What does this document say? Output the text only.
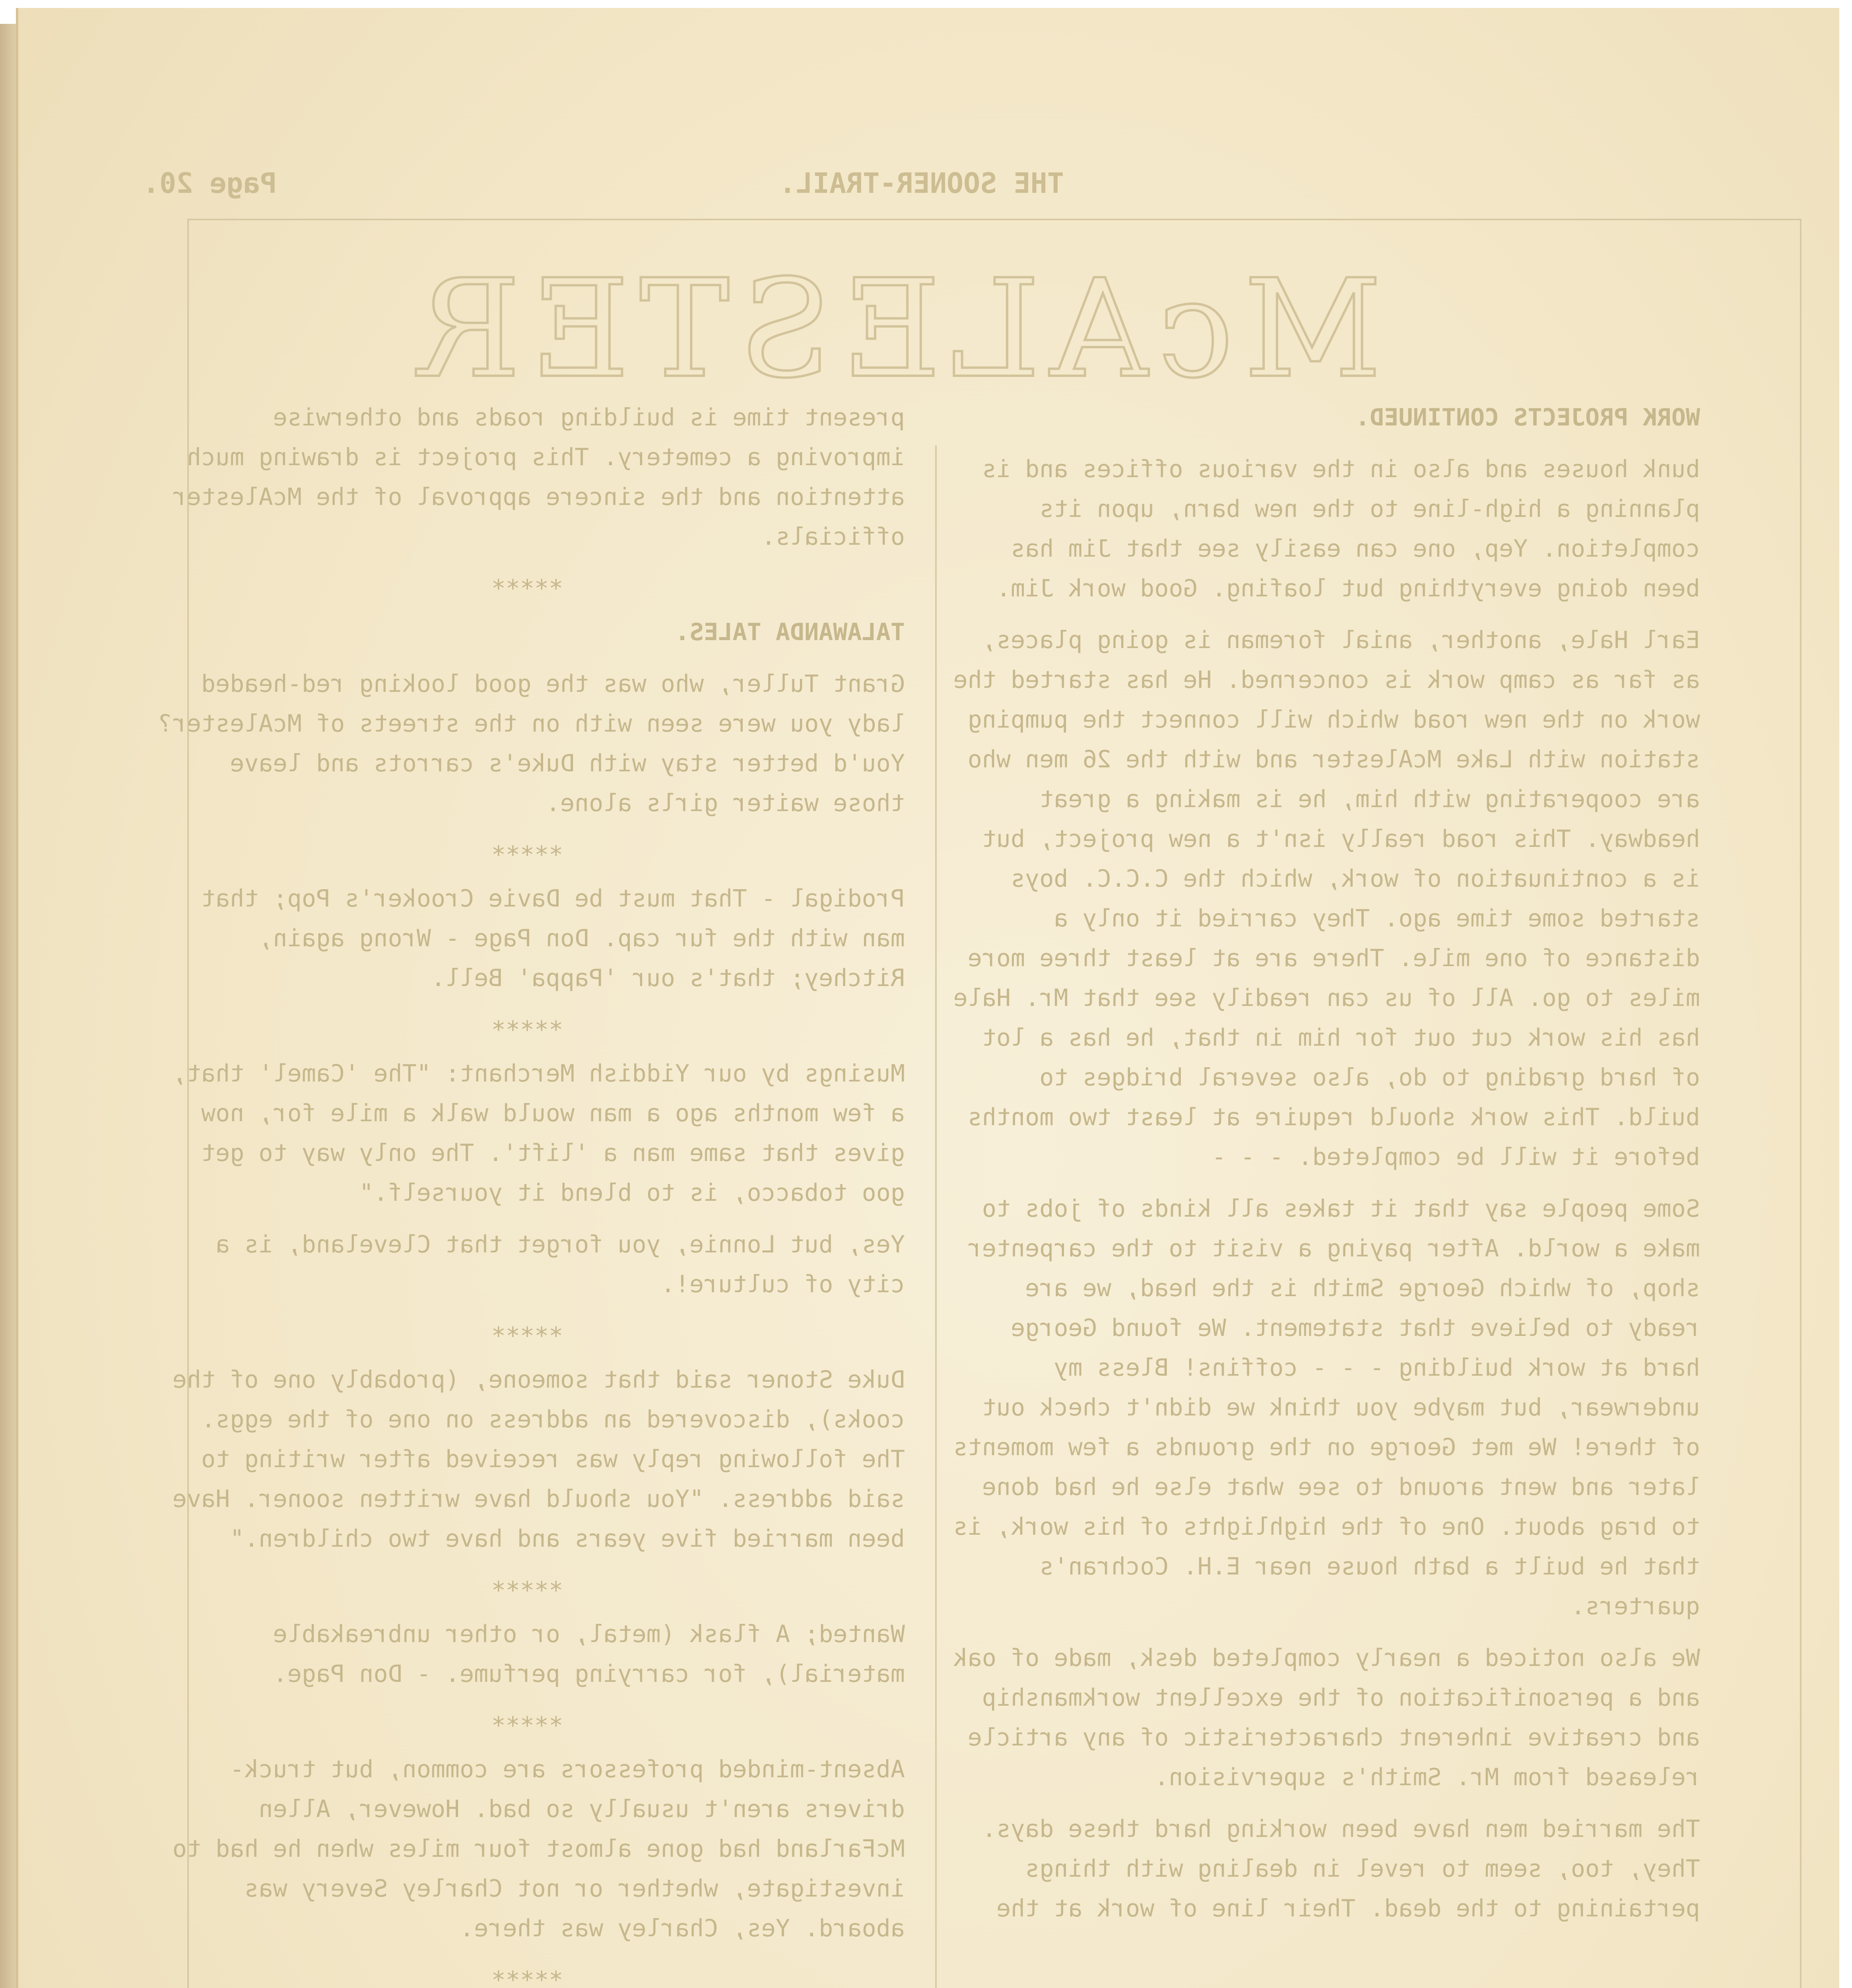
THE SOONER-TRAIL.
Page 20.
McALESTER
WORK PROJECTS CONTINUED.
bunk houses and also in the various offices and is planning a high-line to the new barn, upon its completion. Yep, one can easily see that Jim has been doing everything but loafing. Good work Jim.
Earl Hale, another, anial foreman is going places, as far as camp work is concerned. He has started the work on the new road which will connect the pumping station with Lake McAlester and with the 26 men who are cooperating with him, he is making a great headway. This road really isn't a new project, but is a continuation of work, which the C.C.C. boys started some time ago. They carried it only a distance of one mile. There are at least three more miles to go. All of us can readily see that Mr. Hale has his work cut out for him in that, he has a lot of hard grading to do, also several bridges to build. This work should require at least two months before it will be completed. - - -
Some people say that it takes all kinds of jobs to make a world. After paying a visit to the carpenter shop, of which George Smith is the head, we are ready to believe that statement. We found George hard at work building - - - coffins! Bless my underwear, but maybe you think we didn't check out of there! We met George on the grounds a few moments later and went around to see what else he had done to brag about. One of the highlights of his work, is that he built a bath house near E.H. Cochran's quarters.
We also noticed a nearly completed desk, made of oak and a personification of the excellent workmanship and creative inherent characteristic of any article released from Mr. Smith's supervision.
The married men have been working hard these days. They, too, seem to revel in dealing with things pertaining to the dead. Their line of work at the
present time is building roads and otherwise improving a cemetery. This project is drawing much attention and the sincere approval of the McAlester officials.
*****
TALAWANDA TALES.
Grant Tuller, who was the good looking red-headed lady you were seen with on the streets of McAlester? You'd better stay with Duke's carrots and leave those waiter girls alone.
*****
Prodigal - That must be Davie Crooker's Pop; that man with the fur cap. Don Page - Wrong again, Ritchey; that's our 'Pappa' Bell.
*****
Musings by our Yiddish Merchant: "The 'Camel' that, a few months ago a man would walk a mile for, now gives that same man a 'lift'. The only way to get goo tobacco, is to blend it yourself."
Yes, but Lonnie, you forget that Cleveland, is a city of culture!.
*****
Duke Stoner said that someone, (probably one of the cooks), discovered an address on one of the eggs. The following reply was received after writing to said address. "You should have written sooner. Have been married five years and have two children."
*****
Wanted; A flask (metal, or other unbreakable material), for carrying perfume. - Don Page.
*****
Absent-minded professors are common, but truck-drivers aren't usually so bad. However, Allen McFarland had gone almost four miles when he had to investigate, whether or not Charley Severy was aboard. Yes, Charley was there.
*****
